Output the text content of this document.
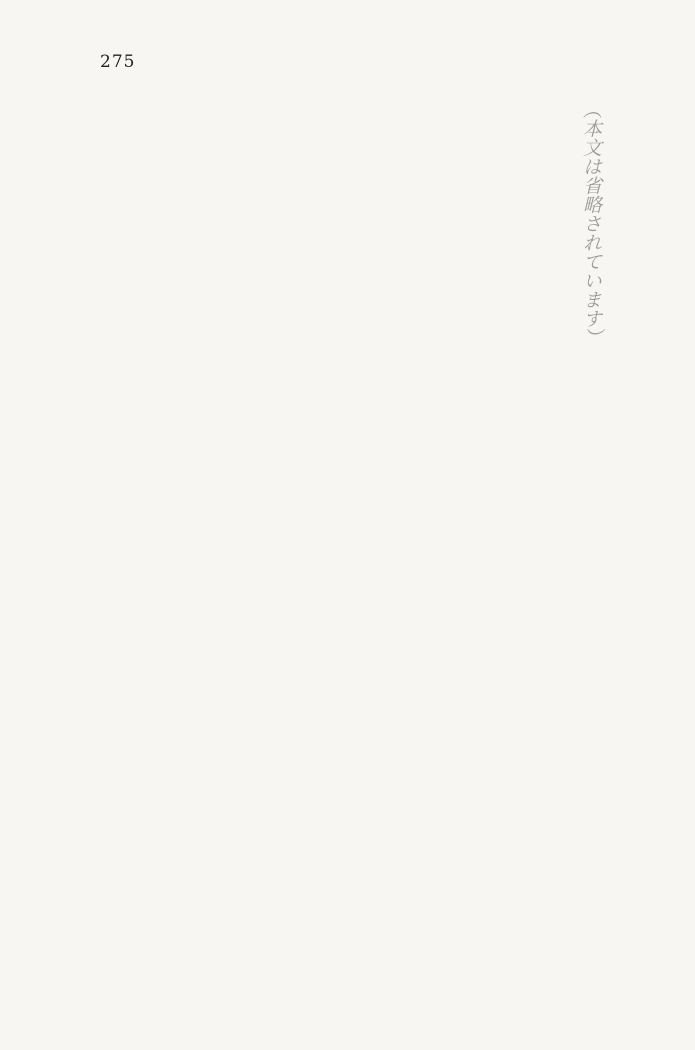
275
（本文は省略されています）
